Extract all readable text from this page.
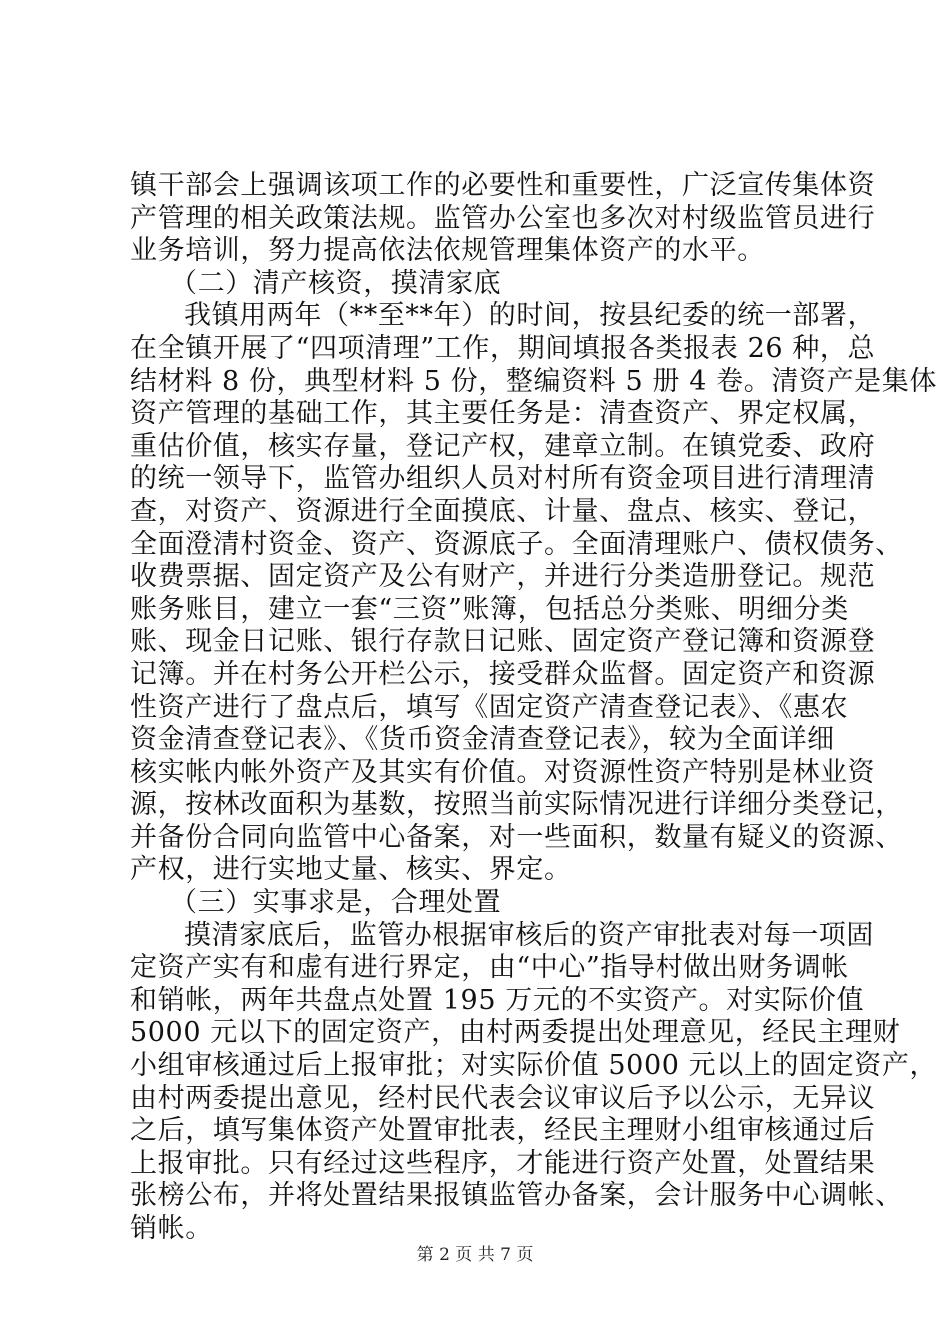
镇干部会上强调该项工作的必要性和重要性，广泛宣传集体资
产管理的相关政策法规。监管办公室也多次对村级监管员进行
业务培训，努力提高依法依规管理集体资产的水平。
（二）清产核资，摸清家底
我镇用两年（**至**年）的时间，按县纪委的统一部署，
在全镇开展了“四项清理”工作，期间填报各类报表 26 种，总
结材料 8 份，典型材料 5 份，整编资料 5 册 4 卷。清资产是集体
资产管理的基础工作，其主要任务是：清查资产、界定权属，
重估价值，核实存量，登记产权，建章立制。在镇党委、政府
的统一领导下，监管办组织人员对村所有资金项目进行清理清
查，对资产、资源进行全面摸底、计量、盘点、核实、登记，
全面澄清村资金、资产、资源底子。全面清理账户、债权债务、
收费票据、固定资产及公有财产，并进行分类造册登记。规范
账务账目，建立一套“三资”账簿，包括总分类账、明细分类
账、现金日记账、银行存款日记账、固定资产登记簿和资源登
记簿。并在村务公开栏公示，接受群众监督。固定资产和资源
性资产进行了盘点后，填写《固定资产清查登记表》、《惠农
资金清查登记表》、《货币资金清查登记表》，较为全面详细
核实帐内帐外资产及其实有价值。对资源性资产特别是林业资
源，按林改面积为基数，按照当前实际情况进行详细分类登记，
并备份合同向监管中心备案，对一些面积，数量有疑义的资源、
产权，进行实地丈量、核实、界定。
（三）实事求是，合理处置
摸清家底后，监管办根据审核后的资产审批表对每一项固
定资产实有和虚有进行界定，由“中心”指导村做出财务调帐
和销帐，两年共盘点处置 195 万元的不实资产。对实际价值
5000 元以下的固定资产，由村两委提出处理意见，经民主理财
小组审核通过后上报审批；对实际价值 5000 元以上的固定资产，
由村两委提出意见，经村民代表会议审议后予以公示，无异议
之后，填写集体资产处置审批表，经民主理财小组审核通过后
上报审批。只有经过这些程序，才能进行资产处置，处置结果
张榜公布，并将处置结果报镇监管办备案，会计服务中心调帐、
销帐。
第 2 页 共 7 页
